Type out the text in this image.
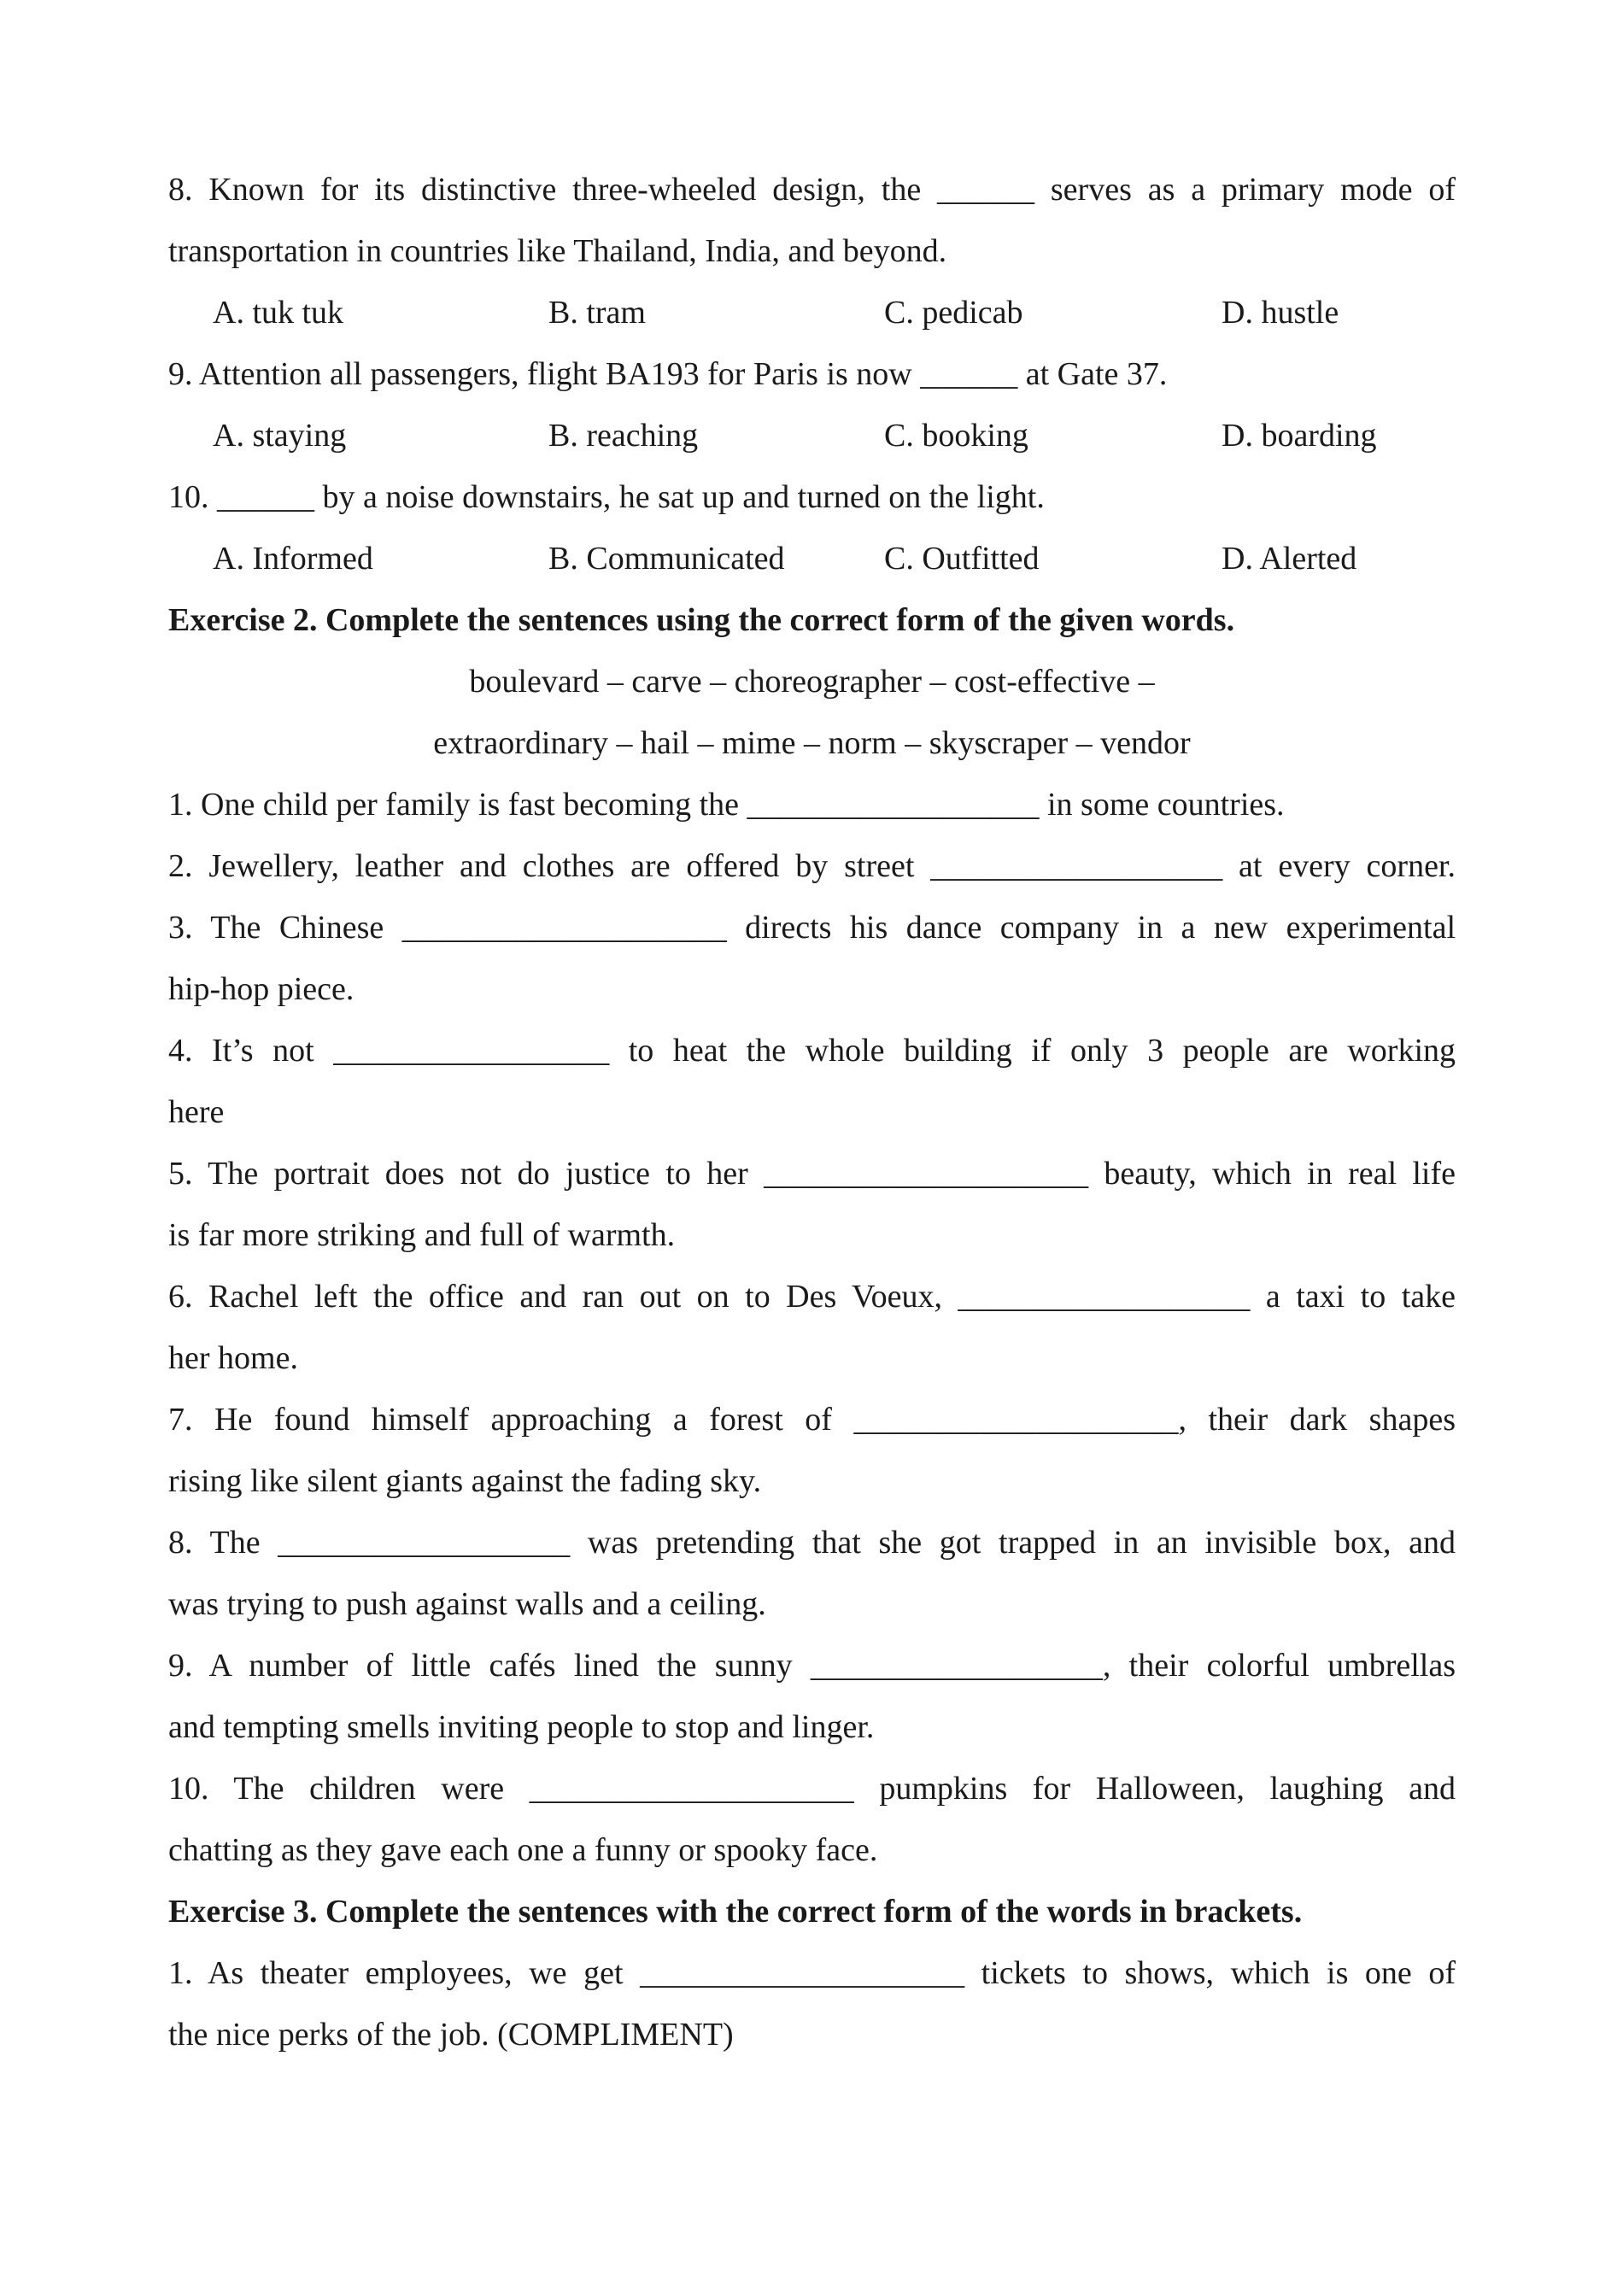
8. Known for its distinctive three-wheeled design, the ______ serves as a primary mode of
transportation in countries like Thailand, India, and beyond.
A. tuk tuk	B. tram	C. pedicab	D. hustle
9. Attention all passengers, flight BA193 for Paris is now ______ at Gate 37.
A. staying	B. reaching	C. booking	D. boarding
10. ______ by a noise downstairs, he sat up and turned on the light.
A. Informed	B. Communicated	C. Outfitted	D. Alerted
Exercise 2. Complete the sentences using the correct form of the given words.
boulevard – carve – choreographer – cost-effective –
extraordinary – hail – mime – norm – skyscraper – vendor
1. One child per family is fast becoming the __________________ in some countries.
2. Jewellery, leather and clothes are offered by street __________________ at every corner.
3. The Chinese ____________________ directs his dance company in a new experimental
hip-hop piece.
4. It’s not _________________ to heat the whole building if only 3 people are working
here
5. The portrait does not do justice to her ____________________ beauty, which in real life
is far more striking and full of warmth.
6. Rachel left the office and ran out on to Des Voeux, __________________ a taxi to take
her home.
7. He found himself approaching a forest of ____________________, their dark shapes
rising like silent giants against the fading sky.
8. The __________________ was pretending that she got trapped in an invisible box, and
was trying to push against walls and a ceiling.
9. A number of little cafés lined the sunny __________________, their colorful umbrellas
and tempting smells inviting people to stop and linger.
10. The children were ____________________ pumpkins for Halloween, laughing and
chatting as they gave each one a funny or spooky face.
Exercise 3. Complete the sentences with the correct form of the words in brackets.
1. As theater employees, we get ____________________ tickets to shows, which is one of
the nice perks of the job. (COMPLIMENT)
